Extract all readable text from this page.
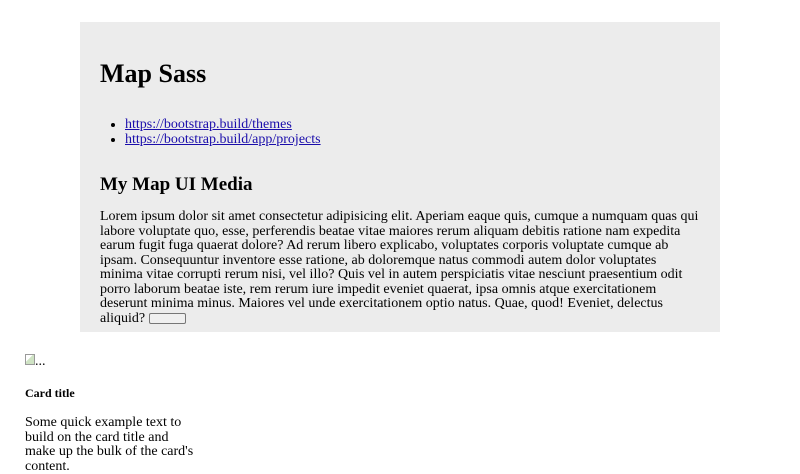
Map Sass
• https://bootstrap.build/themes
• https://bootstrap.build/app/projects
My Map UI Media

Lorem ipsum dolor sit amet consectetur adipisicing elit. Aperiam eaque quis, cumque a numquam quas qui labore voluptate quo, esse, perferendis beatae vitae maiores rerum aliquam debitis ratione nam expedita earum fugit fuga quaerat dolore? Ad rerum libero explicabo, voluptates corporis voluptate cumque ab ipsam. Consequuntur inventore esse ratione, ab doloremque natus commodi autem dolor voluptates minima vitae corrupti rerum nisi, vel illo? Quis vel in autem perspiciatis vitae nesciunt praesentium odit porro laborum beatae iste, rem rerum iure impedit eveniet quaerat, ipsa omnis atque exercitationem deserunt minima minus. Maiores vel unde exercitationem optio natus. Quae, quod! Eveniet, delectus aliquid?

...
Card title

Some quick example text to build on the card title and make up the bulk of the card's content.
